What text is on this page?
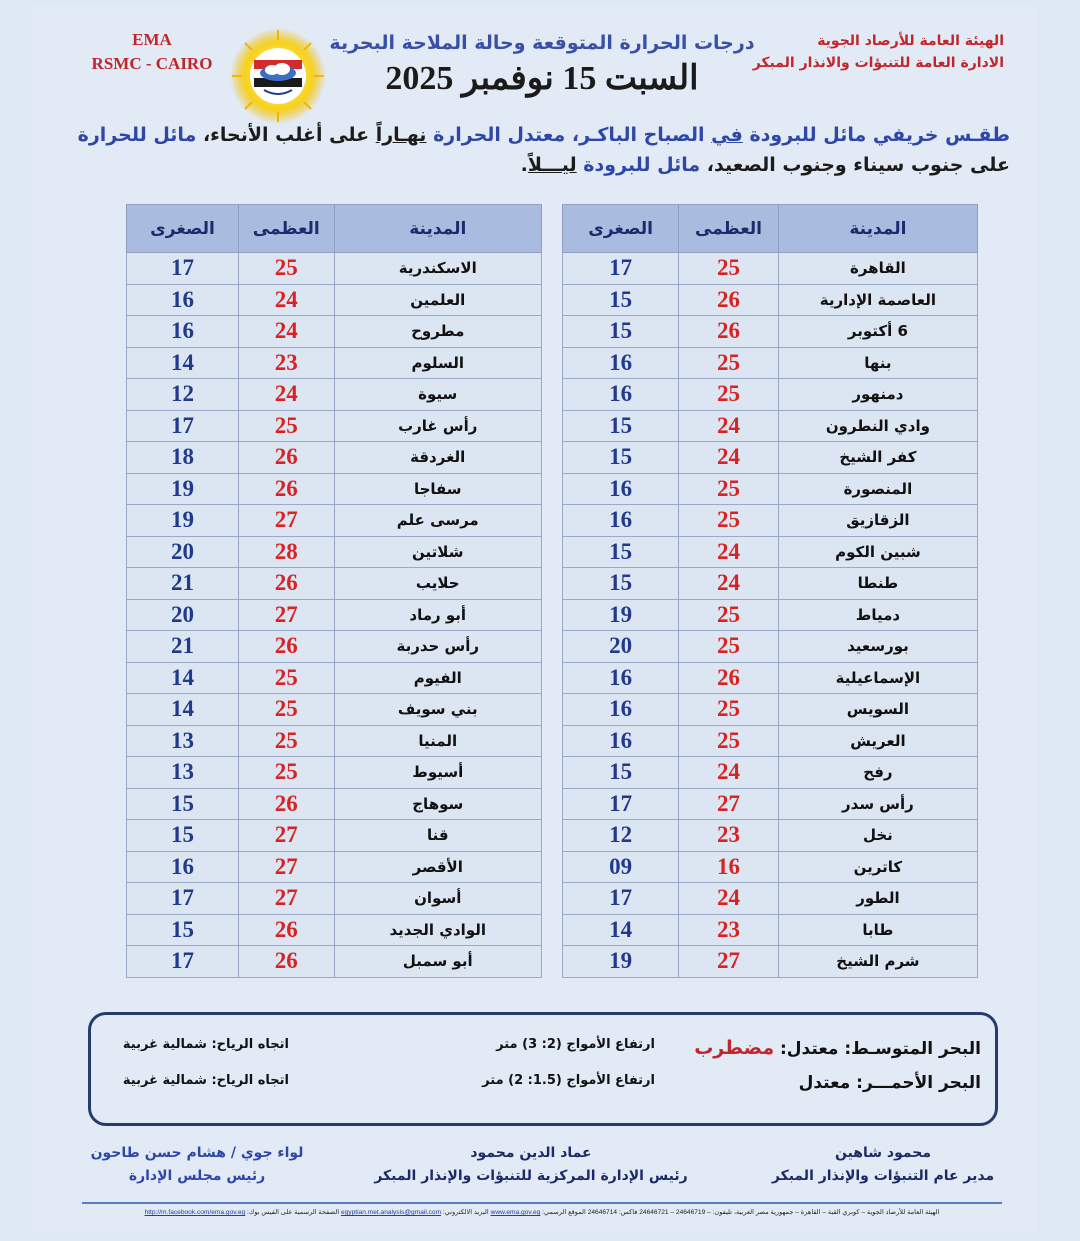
EMA
RSMC - CAIRO
درجات الحرارة المتوقعة وحالة الملاحة البحرية
السبت 15 نوفمبر 2025
الهيئة العامة للأرصاد الجوية
الادارة العامة للتنبؤات والانذار المبكر
طقـس خريفي مائل للبرودة في الصباح الباكـر، معتدل الحرارة نهـاراً على أغلب الأنحاء، مائل للحرارة على جنوب سيناء وجنوب الصعيد، مائل للبرودة ليـــلاً.
المدينة	العظمى	الصغرى
القاهرة	25	17
العاصمة الإدارية	26	15
6 أكتوبر	26	15
بنها	25	16
دمنهور	25	16
وادي النطرون	24	15
كفر الشيخ	24	15
المنصورة	25	16
الزقازيق	25	16
شبين الكوم	24	15
طنطا	24	15
دمياط	25	19
بورسعيد	25	20
الإسماعيلية	26	16
السويس	25	16
العريش	25	16
رفح	24	15
رأس سدر	27	17
نخل	23	12
كاترين	16	09
الطور	24	17
طابا	23	14
شرم الشيخ	27	19
المدينة	العظمى	الصغرى
الاسكندرية	25	17
العلمين	24	16
مطروح	24	16
السلوم	23	14
سيوة	24	12
رأس غارب	25	17
الغردقة	26	18
سفاجا	26	19
مرسى علم	27	19
شلاتين	28	20
حلايب	26	21
أبو رماد	27	20
رأس حدربة	26	21
الفيوم	25	14
بني سويف	25	14
المنيا	25	13
أسيوط	25	13
سوهاج	26	15
قنا	27	15
الأقصر	27	16
أسوان	27	17
الوادي الجديد	26	15
أبو سمبل	26	17
البحر المتوسـط: معتدل: مضطرب
ارتفاع الأمواج (2: 3) متر
اتجاه الرياح: شمالية غربية
البحر الأحمـــر: معتدل
ارتفاع الأمواج (1.5: 2) متر
اتجاه الرياح: شمالية غربية
محمود شاهين
مدير عام التنبؤات والإنذار المبكر
عماد الدين محمود
رئيس الإدارة المركزية للتنبؤات والإنذار المبكر
لواء جوي / هشام حسن طاحون
رئيس مجلس الإدارة
الهيئة العامة للأرصاد الجوية – كوبري القبة – القاهرة – جمهورية مصر العربية، تليفون: – 24646719 – 24646721 فاكس: 24646714 الموقع الرسمي: www.ema.gov.eg البريد الالكتروني: egyptian.met.analysis@gmail.com الصفحة الرسمية على الفيس بوك: http://m.facebook.com/ema.gov.eg
